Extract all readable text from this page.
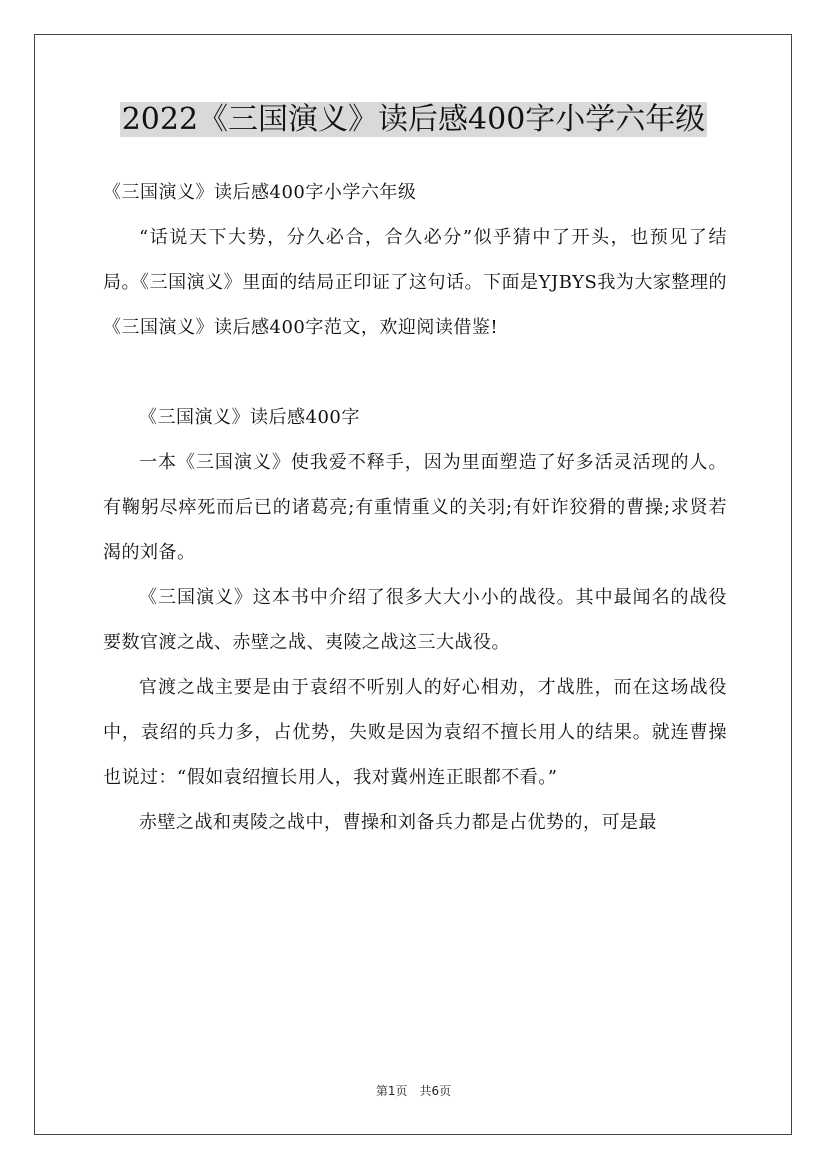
2022《三国演义》读后感400字小学六年级

《三国演义》读后感400字小学六年级

“话说天下大势，分久必合，合久必分”似乎猜中了开头，也预见了结局。《三国演义》里面的结局正印证了这句话。下面是YJBYS我为大家整理的《三国演义》读后感400字范文，欢迎阅读借鉴!

《三国演义》读后感400字

一本《三国演义》使我爱不释手，因为里面塑造了好多活灵活现的人。有鞠躬尽瘁死而后已的诸葛亮;有重情重义的关羽;有奸诈狡猾的曹操;求贤若渴的刘备。

《三国演义》这本书中介绍了很多大大小小的战役。其中最闻名的战役要数官渡之战、赤壁之战、夷陵之战这三大战役。

官渡之战主要是由于袁绍不听别人的好心相劝，才战胜，而在这场战役中，袁绍的兵力多，占优势，失败是因为袁绍不擅长用人的结果。就连曹操也说过：“假如袁绍擅长用人，我对冀州连正眼都不看。”

赤壁之战和夷陵之战中，曹操和刘备兵力都是占优势的，可是最

第1页 共6页
